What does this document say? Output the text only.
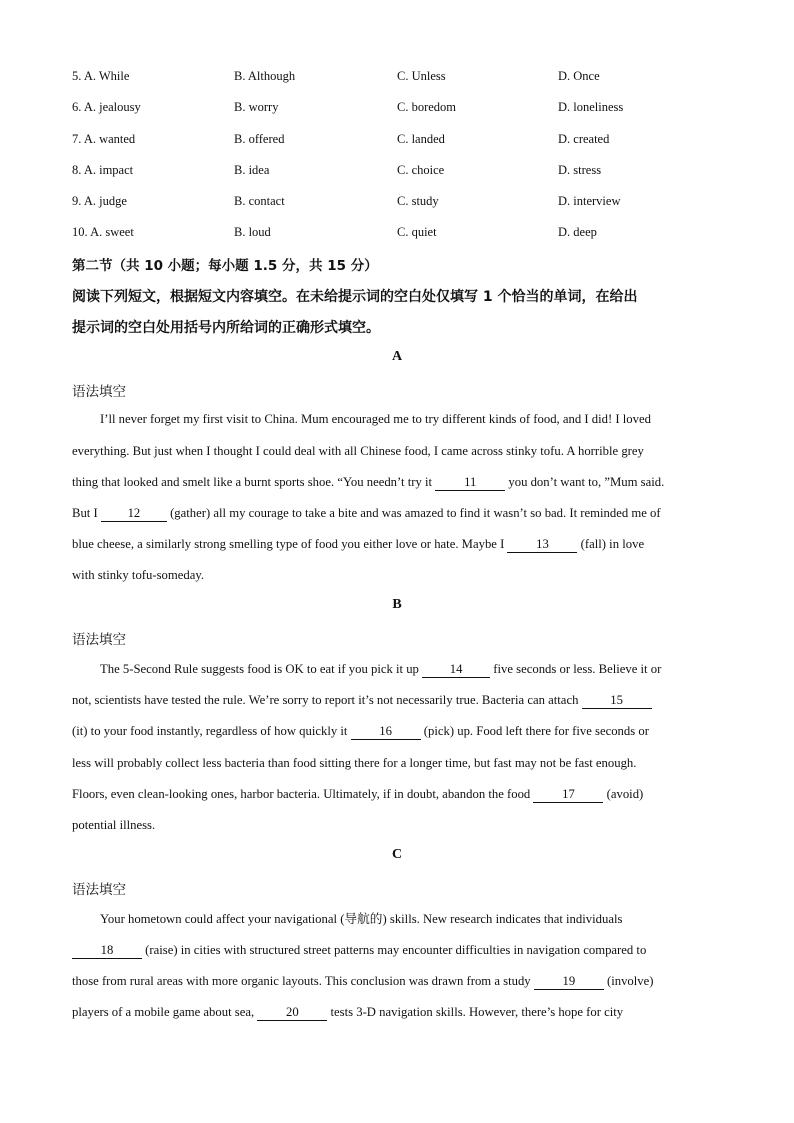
5. A. While	B. Although	C. Unless	D. Once
6. A. jealousy	B. worry	C. boredom	D. loneliness
7. A. wanted	B. offered	C. landed	D. created
8. A. impact	B. idea	C. choice	D. stress
9. A. judge	B. contact	C. study	D. interview
10. A. sweet	B. loud	C. quiet	D. deep
第二节（共 10 小题；每小题 1.5 分，共 15 分）
阅读下列短文，根据短文内容填空。在未给提示词的空白处仅填写 1 个恰当的单词，在给出
提示词的空白处用括号内所给词的正确形式填空。
A
语法填空
I’ll never forget my first visit to China. Mum encouraged me to try different kinds of food, and I did! I loved
everything. But just when I thought I could deal with all Chinese food, I came across stinky tofu. A horrible grey
thing that looked and smelt like a burnt sports shoe. “You needn’t try it	11	you don’t want to, ”Mum said.
But I 12 (gather) all my courage to take a bite and was amazed to find it wasn’t so bad. It reminded me of
blue cheese, a similarly strong smelling type of food you either love or hate. Maybe I	13	(fall) in love
with stinky tofu-someday.
B
语法填空
The 5-Second Rule suggests food is OK to eat if you pick it up 14 five seconds or less. Believe it or
not, scientists have tested the rule. We’re sorry to report it’s not necessarily true. Bacteria can attach	15
(it) to your food instantly, regardless of how quickly it	16	(pick) up. Food left there for five seconds or
less will probably collect less bacteria than food sitting there for a longer time, but fast may not be fast enough.
Floors, even clean-looking ones, harbor bacteria. Ultimately, if in doubt, abandon the food	17	(avoid)
potential illness.
C
语法填空
Your hometown could affect your navigational (导航的) skills. New research indicates that individuals
18	(raise) in cities with structured street patterns may encounter difficulties in navigation compared to
those from rural areas with more organic layouts. This conclusion was drawn from a study	19	(involve)
players of a mobile game about sea,	20	tests 3-D navigation skills. However, there’s hope for city
